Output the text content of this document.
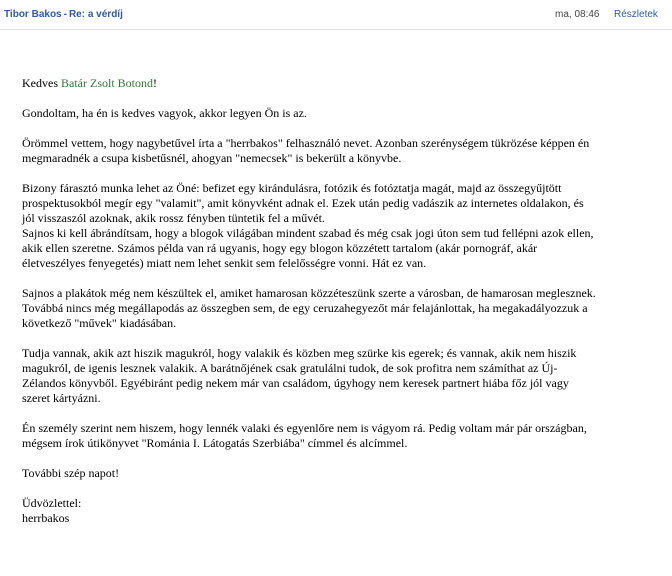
Tibor Bakos - Re: a vérdíj	ma, 08:46 Részletek

Kedves Batár Zsolt Botond!

Gondoltam, ha én is kedves vagyok, akkor legyen Ön is az.

Örömmel vettem, hogy nagybetűvel írta a "herrbakos" felhasználó nevet. Azonban szerénységem tükrözése képpen én
megmaradnék a csupa kisbetűsnél, ahogyan "nemecsek" is bekerült a könyvbe.

Bizony fárasztó munka lehet az Öné: befizet egy kirándulásra, fotózik és fotóztatja magát, majd az összegyűjtött
prospektusokból megír egy "valamit", amit könyvként adnak el. Ezek után pedig vadászik az internetes oldalakon, és
jól visszaszól azoknak, akik rossz fényben tüntetik fel a művét.

Sajnos ki kell ábrándítsam, hogy a blogok világában mindent szabad és még csak jogi úton sem tud fellépni azok ellen,
akik ellen szeretne. Számos példa van rá ugyanis, hogy egy blogon közzétett tartalom (akár pornográf, akár
életveszélyes fenyegetés) miatt nem lehet senkit sem felelősségre vonni. Hát ez van.

Sajnos a plakátok még nem készültek el, amiket hamarosan közzéteszünk szerte a városban, de hamarosan meglesznek.
Továbbá nincs még megállapodás az összegben sem, de egy ceruzahegyezőt már felajánlottak, ha megakadályozzuk a
következő "művek" kiadásában.

Tudja vannak, akik azt hiszik magukról, hogy valakik és közben meg szürke kis egerek; és vannak, akik nem hiszik
magukról, de igenis lesznek valakik. A barátnőjének csak gratulálni tudok, de sok profitra nem számíthat az Új-
Zélandos könyvből. Egyébiránt pedig nekem már van családom, úgyhogy nem keresek partnert hiába főz jól vagy
szeret kártyázni.

Én személy szerint nem hiszem, hogy lennék valaki és egyenlőre nem is vágyom rá. Pedig voltam már pár országban,
mégsem írok útikönyvet "Románia I. Látogatás Szerbiába" címmel és alcímmel.

További szép napot!

Üdvözlettel:

herrbakos
